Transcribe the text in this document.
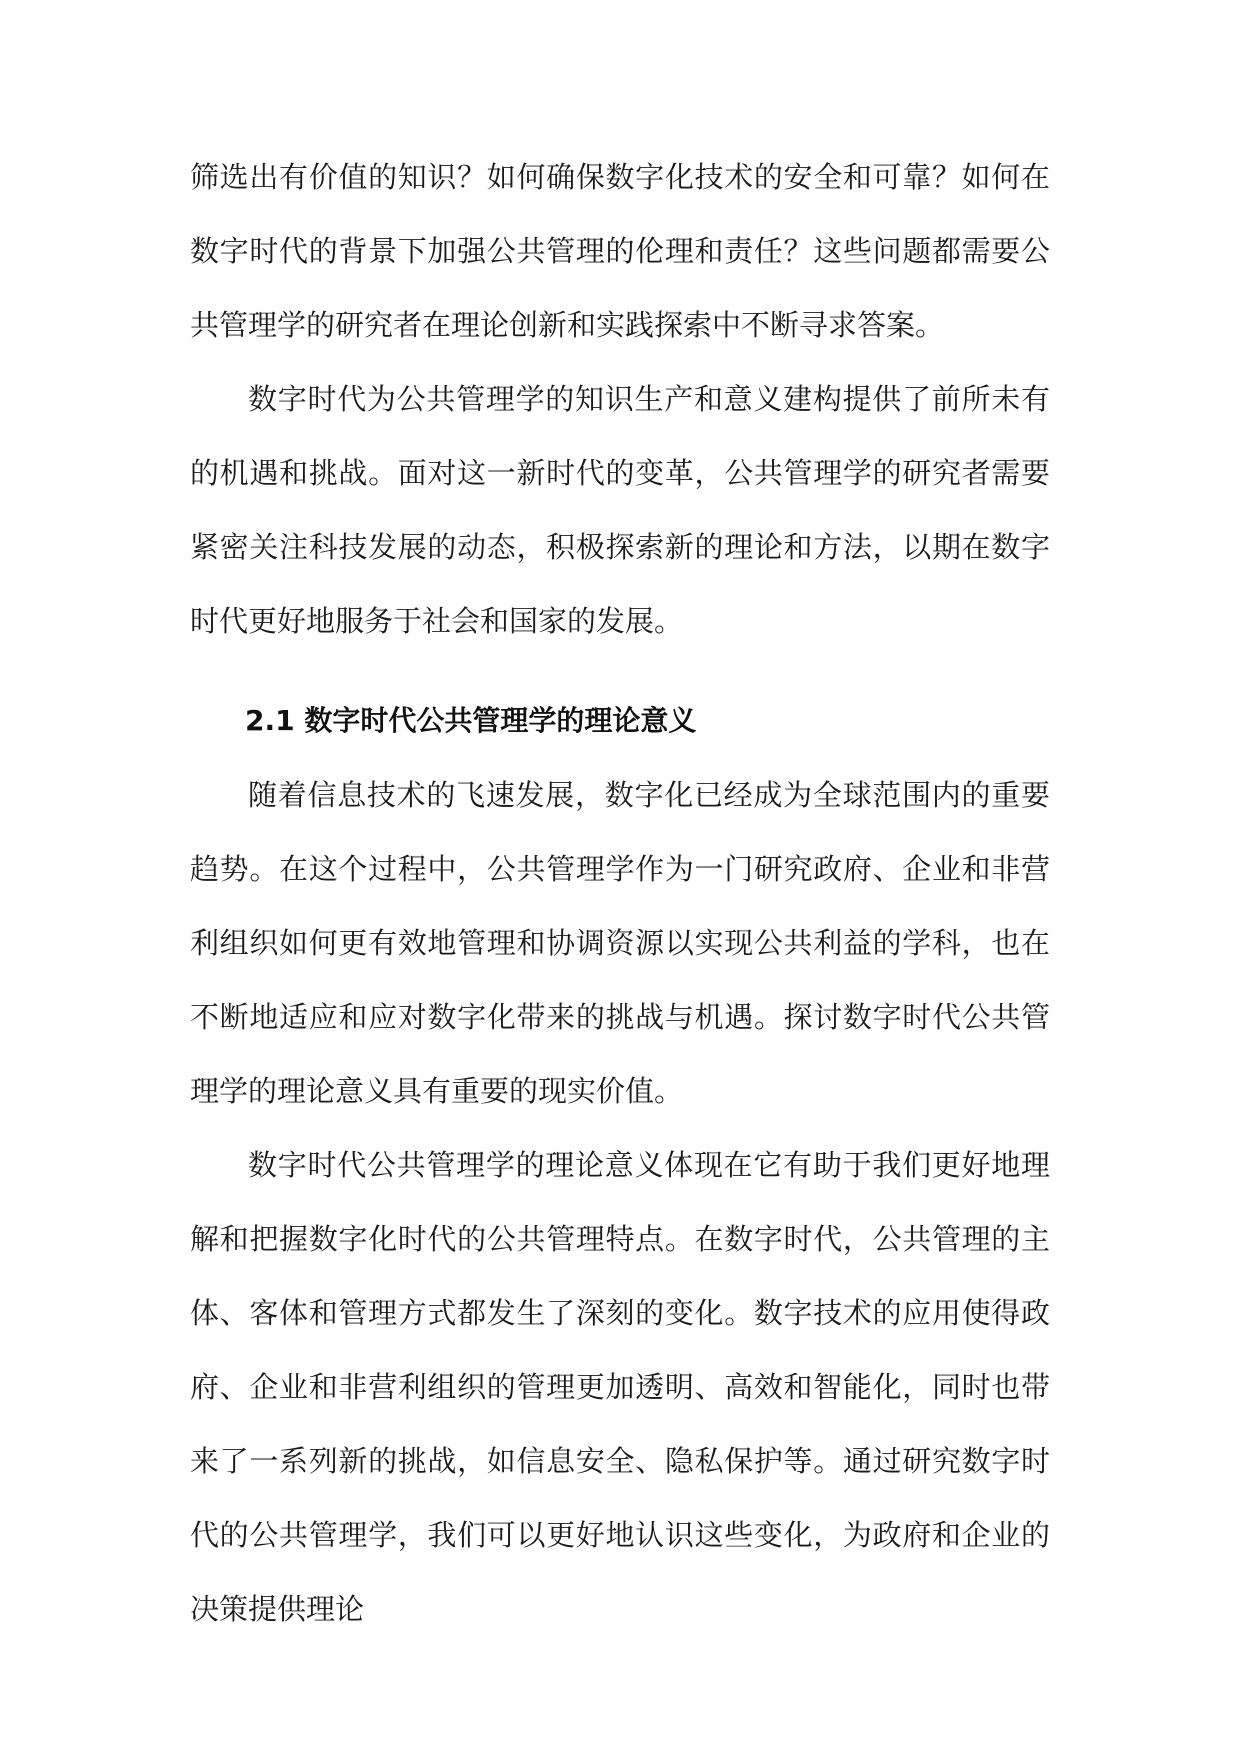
筛选出有价值的知识？如何确保数字化技术的安全和可靠？如何在数字时代的背景下加强公共管理的伦理和责任？这些问题都需要公共管理学的研究者在理论创新和实践探索中不断寻求答案。

数字时代为公共管理学的知识生产和意义建构提供了前所未有的机遇和挑战。面对这一新时代的变革，公共管理学的研究者需要紧密关注科技发展的动态，积极探索新的理论和方法，以期在数字时代更好地服务于社会和国家的发展。

2.1 数字时代公共管理学的理论意义

随着信息技术的飞速发展，数字化已经成为全球范围内的重要趋势。在这个过程中，公共管理学作为一门研究政府、企业和非营利组织如何更有效地管理和协调资源以实现公共利益的学科，也在不断地适应和应对数字化带来的挑战与机遇。探讨数字时代公共管理学的理论意义具有重要的现实价值。

数字时代公共管理学的理论意义体现在它有助于我们更好地理解和把握数字化时代的公共管理特点。在数字时代，公共管理的主体、客体和管理方式都发生了深刻的变化。数字技术的应用使得政府、企业和非营利组织的管理更加透明、高效和智能化，同时也带来了一系列新的挑战，如信息安全、隐私保护等。通过研究数字时代的公共管理学，我们可以更好地认识这些变化，为政府和企业的决策提供理论
